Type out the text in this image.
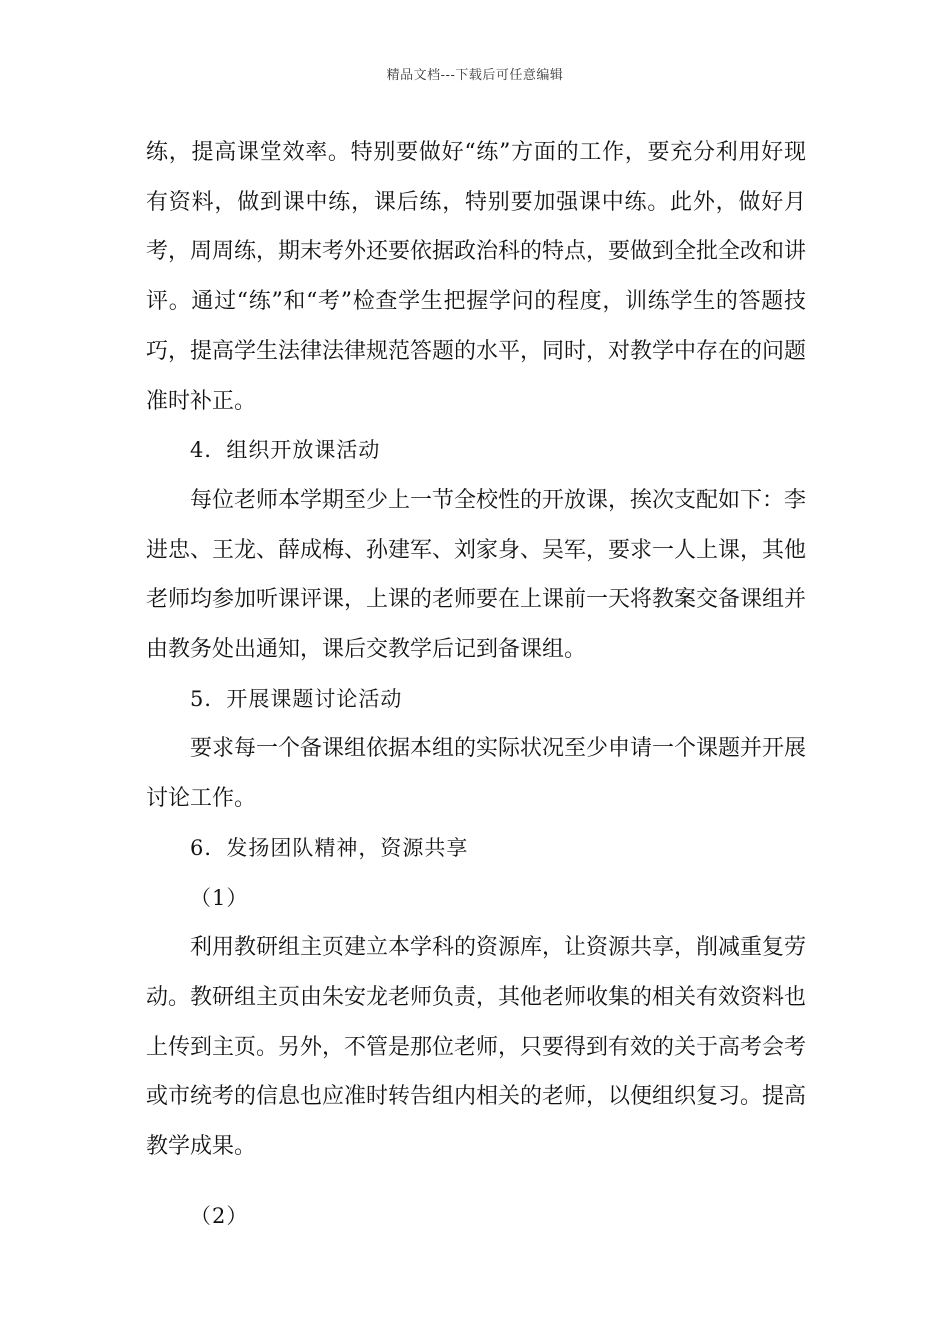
精品文档---下载后可任意编辑

练，提高课堂效率。特别要做好“练”方面的工作，要充分利用好现有资料，做到课中练，课后练，特别要加强课中练。此外，做好月考，周周练，期末考外还要依据政治科的特点，要做到全批全改和讲评。通过“练”和“考”检查学生把握学问的程度，训练学生的答题技巧，提高学生法律法律规范答题的水平，同时，对教学中存在的问题准时补正。

4．组织开放课活动

每位老师本学期至少上一节全校性的开放课，挨次支配如下：李进忠、王龙、薛成梅、孙建军、刘家身、吴军，要求一人上课，其他老师均参加听课评课，上课的老师要在上课前一天将教案交备课组并由教务处出通知，课后交教学后记到备课组。

5．开展课题讨论活动

要求每一个备课组依据本组的实际状况至少申请一个课题并开展讨论工作。

6．发扬团队精神，资源共享

（1）

利用教研组主页建立本学科的资源库，让资源共享，削减重复劳动。教研组主页由朱安龙老师负责，其他老师收集的相关有效资料也上传到主页。另外，不管是那位老师，只要得到有效的关于高考会考或市统考的信息也应准时转告组内相关的老师，以便组织复习。提高教学成果。

（2）
